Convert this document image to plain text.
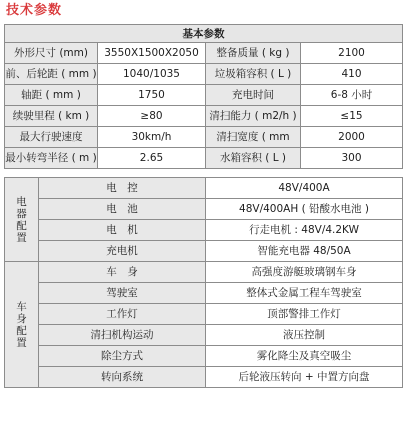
技术参数
基本参数				
外形尺寸 (mm)		3550X1500X2050	整备质量 ( kg )	2100
前、后轮距 ( mm )		1040/1035	垃圾箱容积 ( L )	410
轴距 ( mm )		1750	充电时间	6-8 小时
续驶里程 ( km )		≥80	清扫能力 ( m2/h )	≤15
最大行驶速度		30km/h	清扫宽度 ( mm	2000
最小转弯半径 ( m )		2.65	水箱容积 ( L )	300

电器配置	电　控		48V/400A	
	电　池		48V/400AH ( 铅酸水电池 )	
	电　机		行走电机 : 48V/4.2KW	
	充电机		智能充电器 48/50A	
车身配置	车　身		高强度游艇玻璃钢车身	
	驾驶室		整体式金属工程车驾驶室	
	工作灯		顶部警排工作灯	
	清扫机构运动		液压控制	
	除尘方式		雾化降尘及真空吸尘	
	转向系统		后轮液压转向 + 中置方向盘	
